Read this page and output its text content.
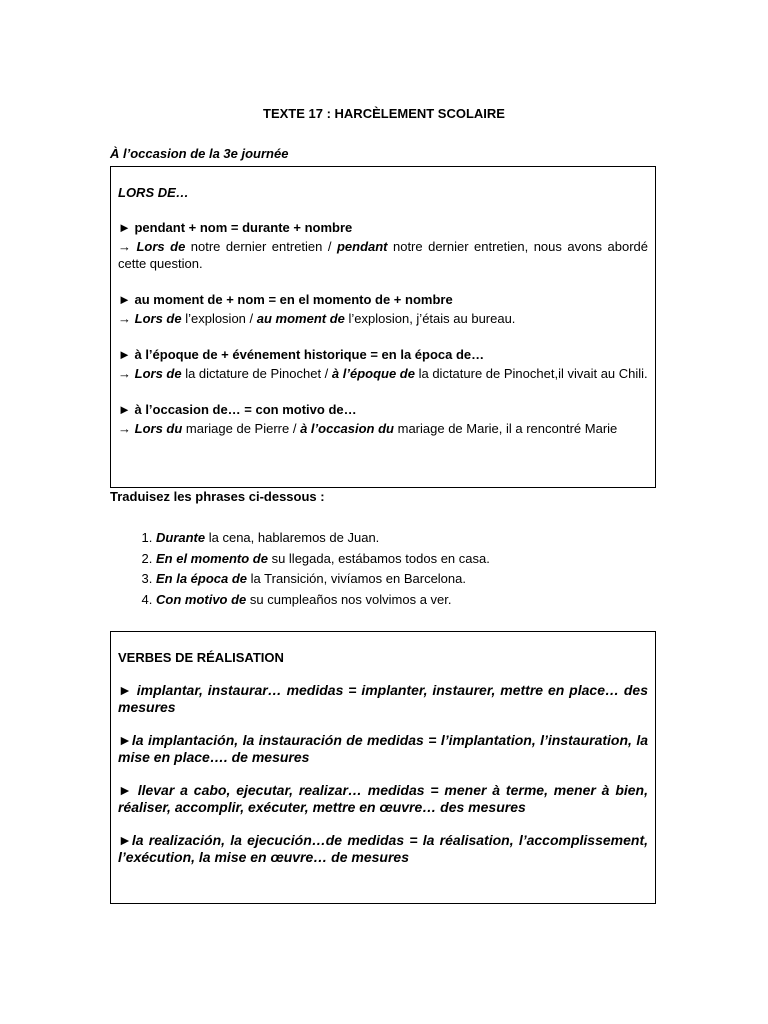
TEXTE 17 : HARCÈLEMENT SCOLAIRE
À l’occasion de la 3e journée
LORS DE…
► pendant + nom = durante + nombre
→ Lors de notre dernier entretien / pendant notre dernier entretien, nous avons abordé cette question.
► au moment de + nom = en el momento de + nombre
→ Lors de l’explosion / au moment de l’explosion, j’étais au bureau.
► à l’époque de + événement historique = en la época de…
→ Lors de la dictature de Pinochet / à l’époque de la dictature de Pinochet,il vivait au Chili.
► à l’occasion de… = con motivo de…
→ Lors du mariage de Pierre / à l’occasion du mariage de Marie, il a rencontré Marie
Traduisez les phrases ci-dessous :
1. Durante la cena, hablaremos de Juan.
2. En el momento de su llegada, estábamos todos en casa.
3. En la época de la Transición, vivíamos en Barcelona.
4. Con motivo de su cumpleaños nos volvimos a ver.
VERBES DE RÉALISATION
► implantar, instaurar… medidas = implanter, instaurer, mettre en place… des mesures
►la implantación, la instauración de medidas = l’implantation, l’instauration, la mise en place…. de mesures
► llevar a cabo, ejecutar, realizar… medidas = mener à terme, mener à bien, réaliser, accomplir, exécuter, mettre en œuvre… des mesures
►la realización, la ejecución…de medidas = la réalisation, l’accomplissement, l’exécution, la mise en œuvre… de mesures
